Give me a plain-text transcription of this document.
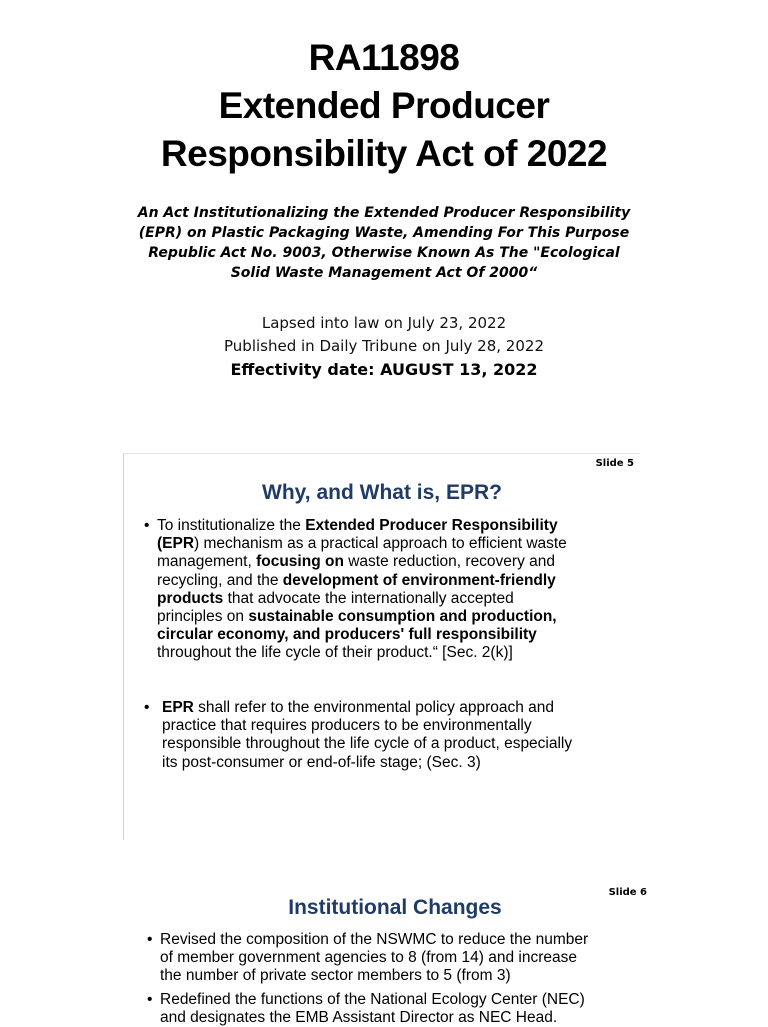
RA11898
Extended Producer
Responsibility Act of 2022
An Act Institutionalizing the Extended Producer Responsibility
(EPR) on Plastic Packaging Waste, Amending For This Purpose
Republic Act No. 9003, Otherwise Known As The "Ecological
Solid Waste Management Act Of 2000“
Lapsed into law on July 23, 2022
Published in Daily Tribune on July 28, 2022
Effectivity date: AUGUST 13, 2022
Slide 5
Why, and What is, EPR?
• To institutionalize the Extended Producer Responsibility
(EPR) mechanism as a practical approach to efficient waste
management, focusing on waste reduction, recovery and
recycling, and the development of environment-friendly
products that advocate the internationally accepted
principles on sustainable consumption and production,
circular economy, and producers' full responsibility
throughout the life cycle of their product.“ [Sec. 2(k)]
• EPR shall refer to the environmental policy approach and
practice that requires producers to be environmentally
responsible throughout the life cycle of a product, especially
its post-consumer or end-of-life stage; (Sec. 3)
Slide 6
Institutional Changes
• Revised the composition of the NSWMC to reduce the number
of member government agencies to 8 (from 14) and increase
the number of private sector members to 5 (from 3)
• Redefined the functions of the National Ecology Center (NEC)
and designates the EMB Assistant Director as NEC Head.
